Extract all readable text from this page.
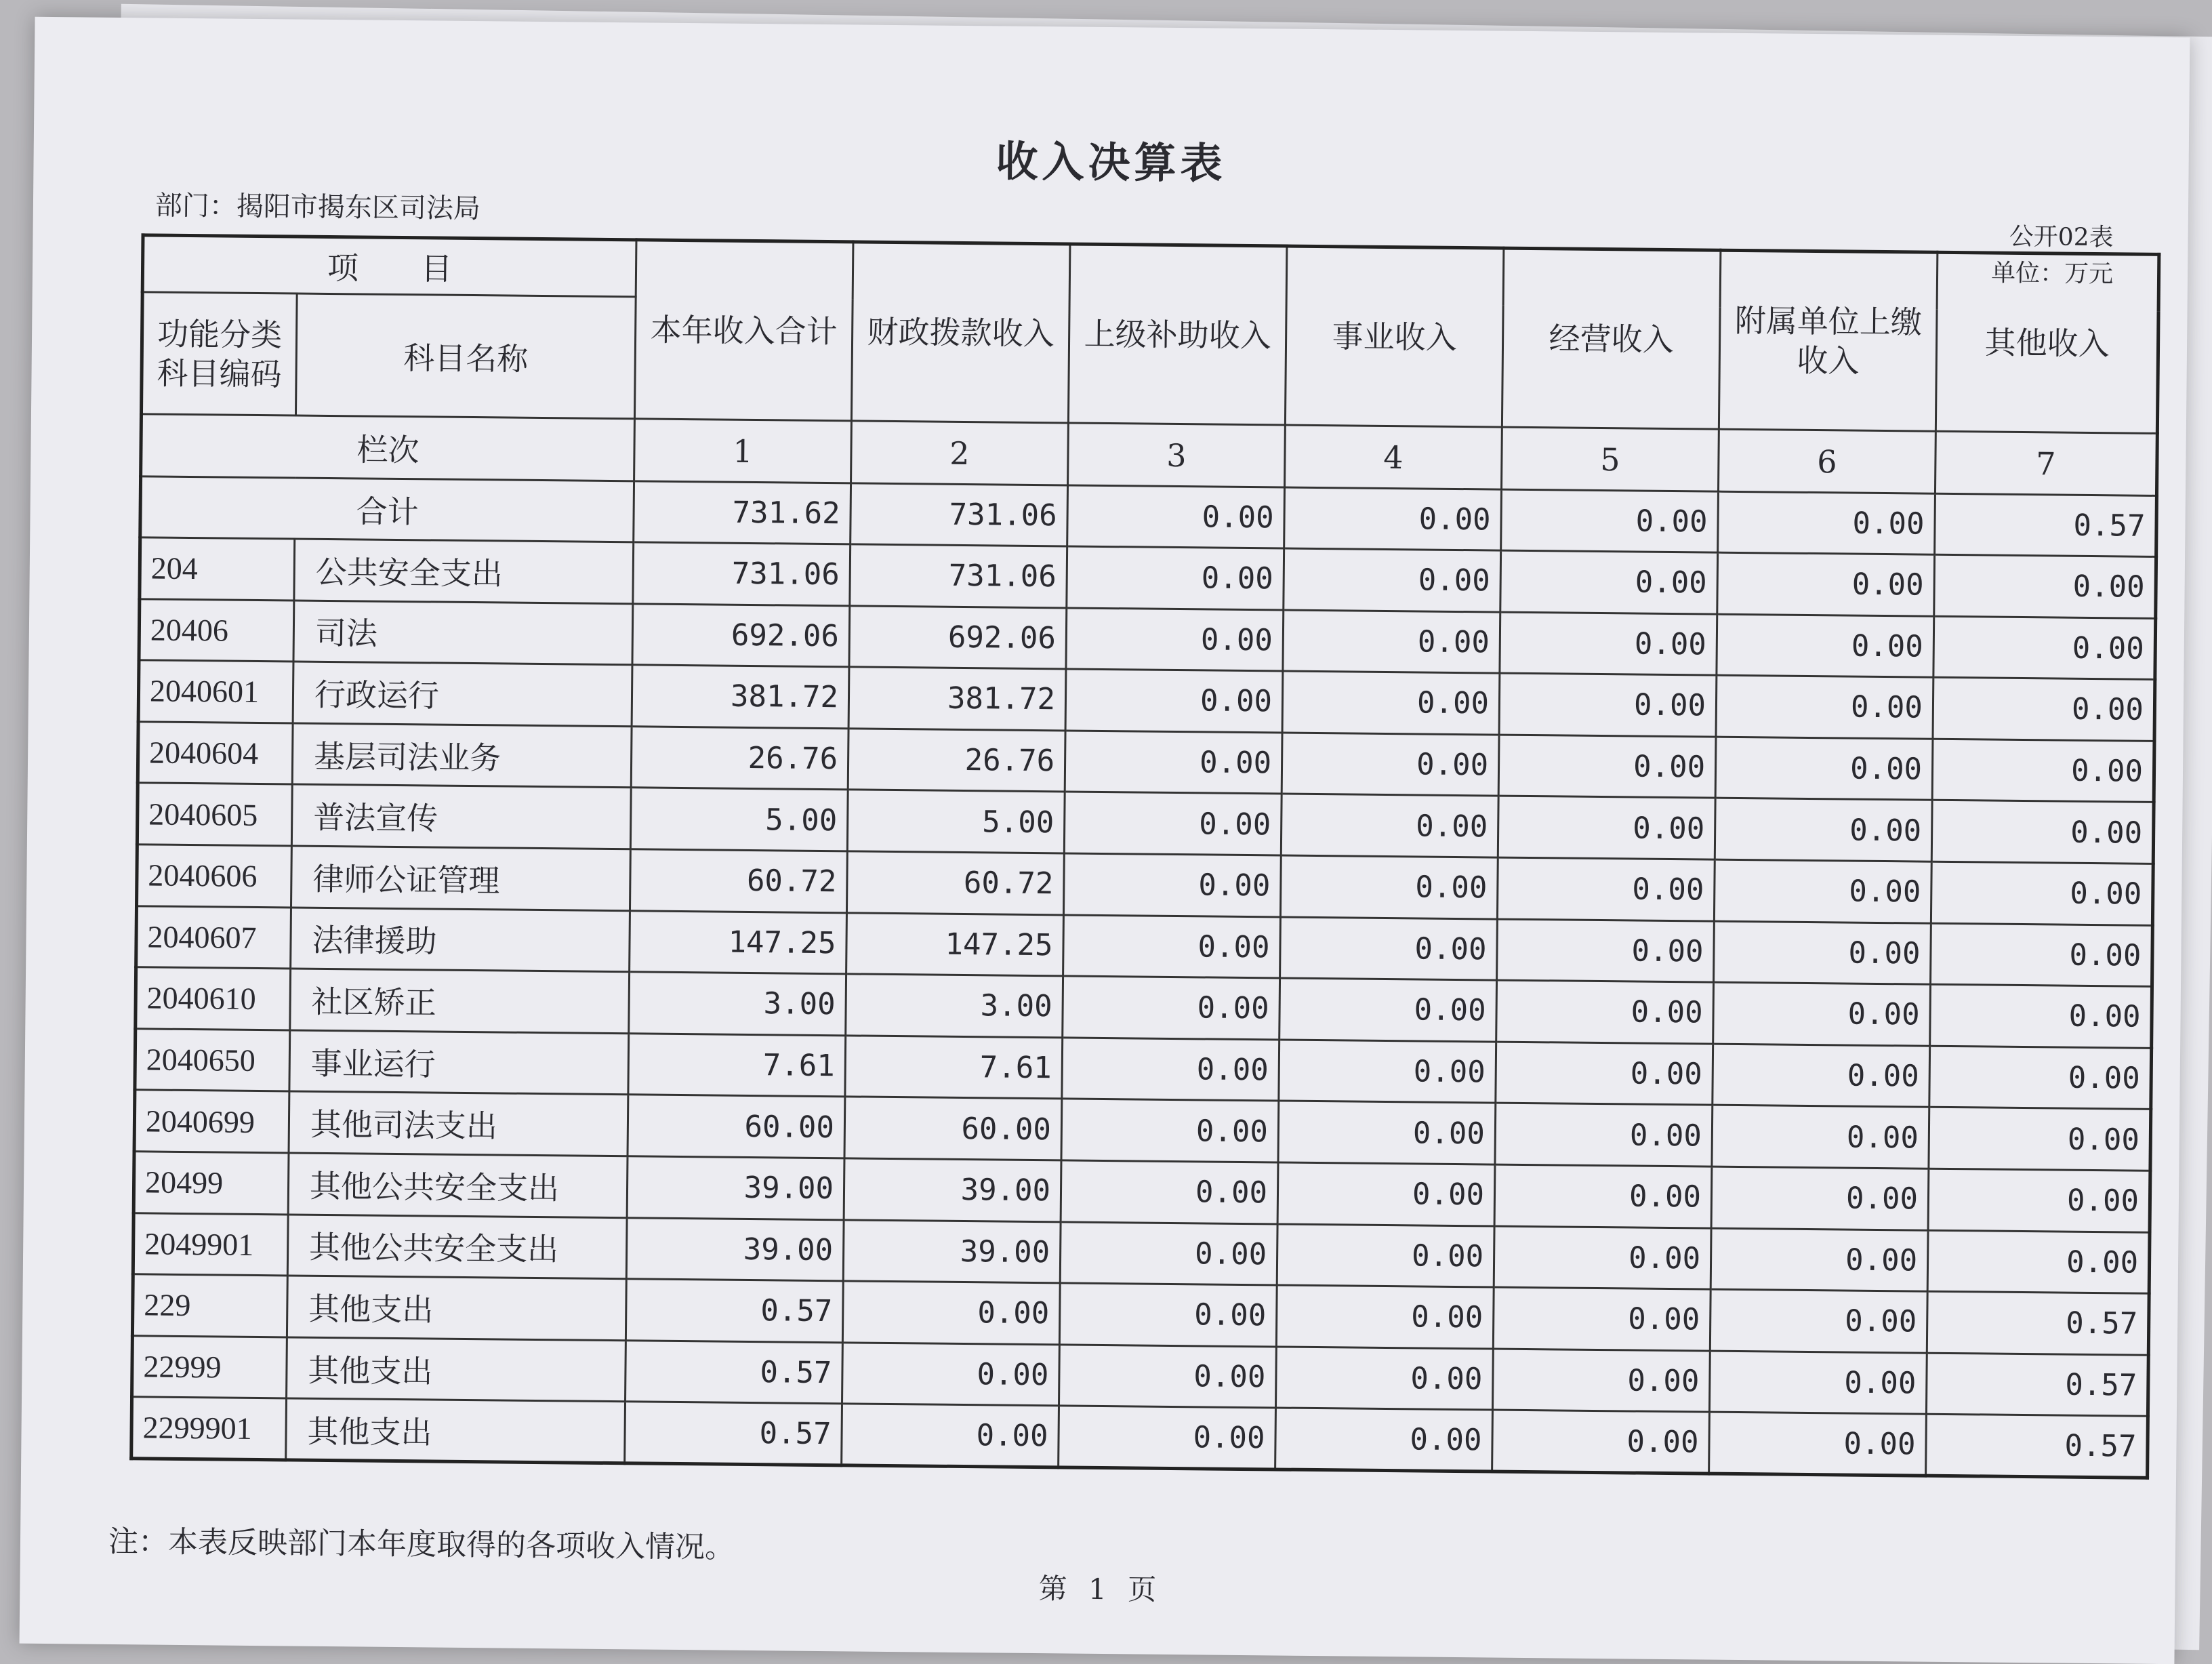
收入决算表
部门：揭阳市揭东区司法局
公开02表
单位：万元
项　　目		本年收入合计	财政拨款收入	上级补助收入	事业收入	经营收入	附属单位上缴收入	其他收入
功能分类科目编码	科目名称							
栏次		1	2	3	4	5	6	7
合计		731.62	731.06	0.00	0.00	0.00	0.00	0.57
204	公共安全支出	731.06	731.06	0.00	0.00	0.00	0.00	0.00
20406	司法	692.06	692.06	0.00	0.00	0.00	0.00	0.00
2040601	行政运行	381.72	381.72	0.00	0.00	0.00	0.00	0.00
2040604	基层司法业务	26.76	26.76	0.00	0.00	0.00	0.00	0.00
2040605	普法宣传	5.00	5.00	0.00	0.00	0.00	0.00	0.00
2040606	律师公证管理	60.72	60.72	0.00	0.00	0.00	0.00	0.00
2040607	法律援助	147.25	147.25	0.00	0.00	0.00	0.00	0.00
2040610	社区矫正	3.00	3.00	0.00	0.00	0.00	0.00	0.00
2040650	事业运行	7.61	7.61	0.00	0.00	0.00	0.00	0.00
2040699	其他司法支出	60.00	60.00	0.00	0.00	0.00	0.00	0.00
20499	其他公共安全支出	39.00	39.00	0.00	0.00	0.00	0.00	0.00
2049901	其他公共安全支出	39.00	39.00	0.00	0.00	0.00	0.00	0.00
229	其他支出	0.57	0.00	0.00	0.00	0.00	0.00	0.57
22999	其他支出	0.57	0.00	0.00	0.00	0.00	0.00	0.57
2299901	其他支出	0.57	0.00	0.00	0.00	0.00	0.00	0.57
注：本表反映部门本年度取得的各项收入情况。
第 1 页
